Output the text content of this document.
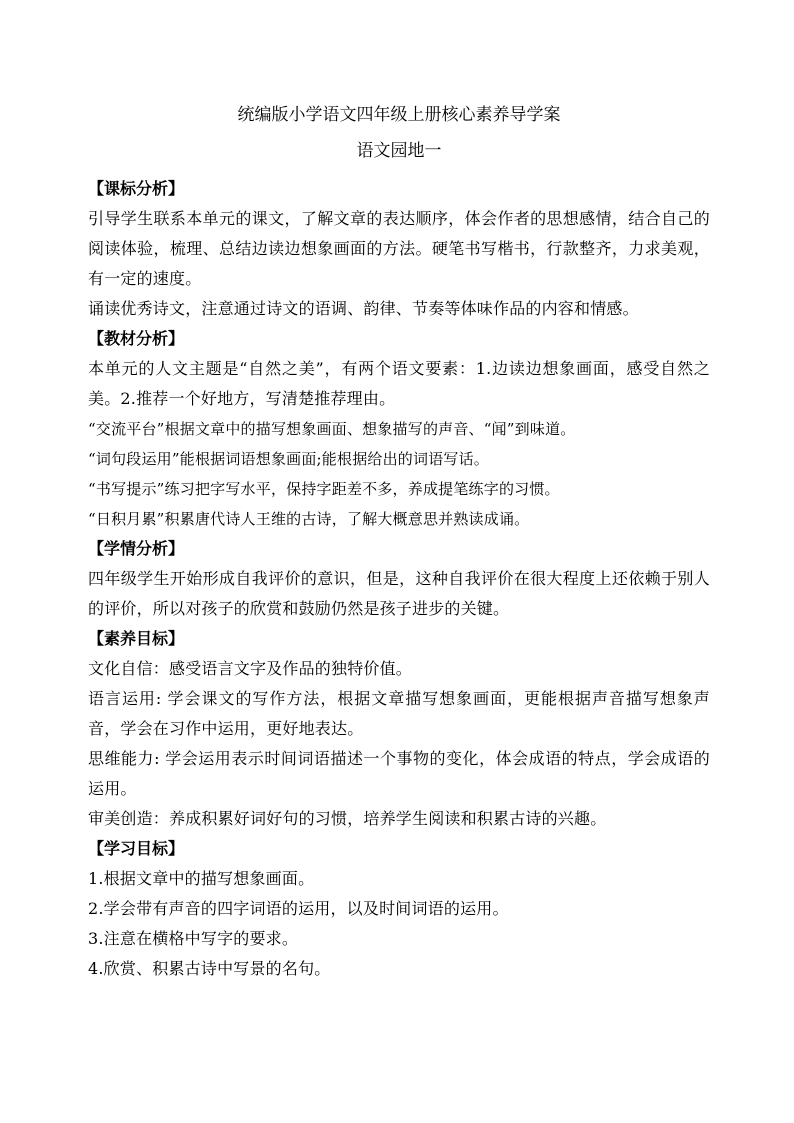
统编版小学语文四年级上册核心素养导学案
语文园地一

【课标分析】

引导学生联系本单元的课文，了解文章的表达顺序，体会作者的思想感情，结合自己的阅读体验，梳理、总结边读边想象画面的方法。硬笔书写楷书，行款整齐，力求美观，有一定的速度。

诵读优秀诗文，注意通过诗文的语调、韵律、节奏等体味作品的内容和情感。

【教材分析】

本单元的人文主题是“自然之美”，有两个语文要素：1.边读边想象画面，感受自然之美。2.推荐一个好地方，写清楚推荐理由。

“交流平台”根据文章中的描写想象画面、想象描写的声音、“闻”到味道。

“词句段运用”能根据词语想象画面;能根据给出的词语写话。

“书写提示”练习把字写水平，保持字距差不多，养成提笔练字的习惯。

“日积月累”积累唐代诗人王维的古诗，了解大概意思并熟读成诵。

【学情分析】

四年级学生开始形成自我评价的意识，但是，这种自我评价在很大程度上还依赖于别人的评价，所以对孩子的欣赏和鼓励仍然是孩子进步的关键。

【素养目标】

文化自信：感受语言文字及作品的独特价值。

语言运用: 学会课文的写作方法，根据文章描写想象画面，更能根据声音描写想象声音，学会在习作中运用，更好地表达。

思维能力: 学会运用表示时间词语描述一个事物的变化，体会成语的特点，学会成语的运用。

审美创造：养成积累好词好句的习惯，培养学生阅读和积累古诗的兴趣。

【学习目标】

1.根据文章中的描写想象画面。

2.学会带有声音的四字词语的运用，以及时间词语的运用。

3.注意在横格中写字的要求。

4.欣赏、积累古诗中写景的名句。
